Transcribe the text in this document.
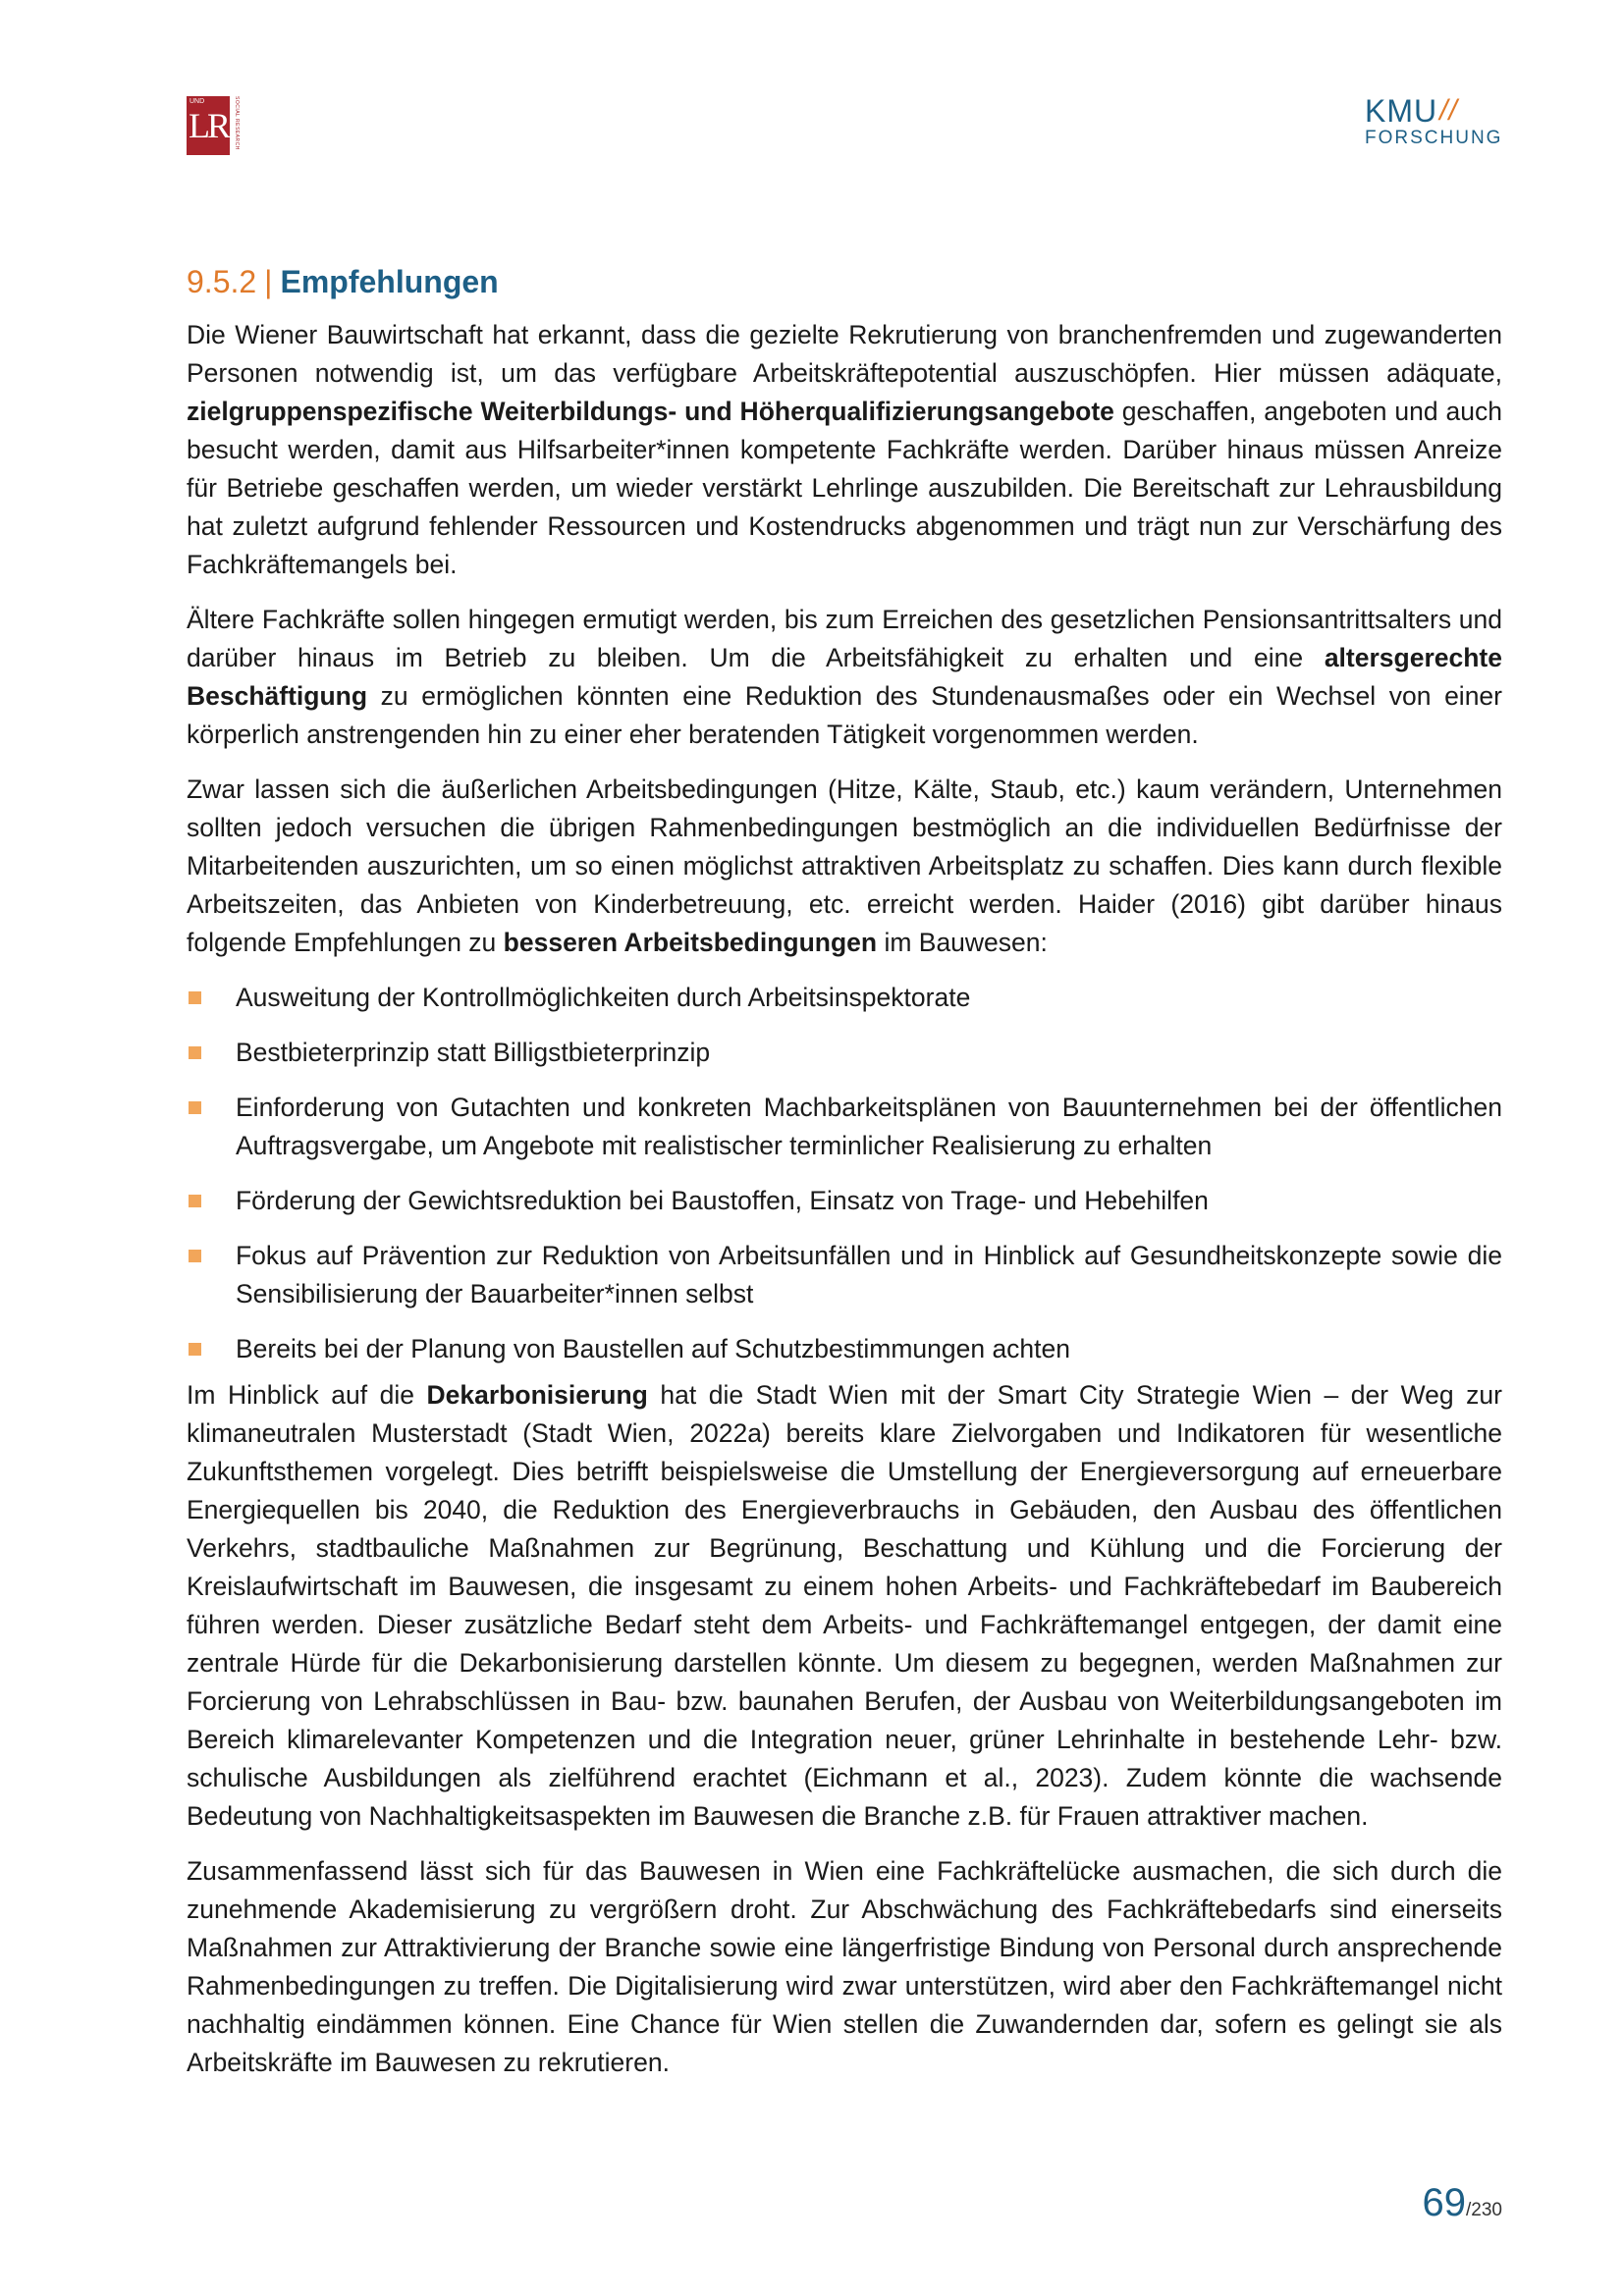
UND
LR	SOCIAL RESEARCH	KMU //
FORSCHUNG
9.5.2 | Empfehlungen

Die Wiener Bauwirtschaft hat erkannt, dass die gezielte Rekrutierung von branchenfremden und zugewanderten Personen notwendig ist, um das verfügbare Arbeitskräftepotential auszuschöpfen. Hier müssen adäquate, zielgruppenspezifische Weiterbildungs- und Höherqualifizierungsangebote geschaffen, angeboten und auch besucht werden, damit aus Hilfsarbeiter*innen kompetente Fachkräfte werden. Darüber hinaus müssen Anreize für Betriebe geschaffen werden, um wieder verstärkt Lehrlinge auszubilden. Die Bereitschaft zur Lehrausbildung hat zuletzt aufgrund fehlender Ressourcen und Kostendrucks abgenommen und trägt nun zur Verschärfung des Fachkräftemangels bei.

Ältere Fachkräfte sollen hingegen ermutigt werden, bis zum Erreichen des gesetzlichen Pensionsantrittsalters und darüber hinaus im Betrieb zu bleiben. Um die Arbeitsfähigkeit zu erhalten und eine altersgerechte Beschäftigung zu ermöglichen könnten eine Reduktion des Stundenausmaßes oder ein Wechsel von einer körperlich anstrengenden hin zu einer eher beratenden Tätigkeit vorgenommen werden.

Zwar lassen sich die äußerlichen Arbeitsbedingungen (Hitze, Kälte, Staub, etc.) kaum verändern, Unternehmen sollten jedoch versuchen die übrigen Rahmenbedingungen bestmöglich an die individuellen Bedürfnisse der Mitarbeitenden auszurichten, um so einen möglichst attraktiven Arbeitsplatz zu schaffen. Dies kann durch flexible Arbeitszeiten, das Anbieten von Kinderbetreuung, etc. erreicht werden. Haider (2016) gibt darüber hinaus folgende Empfehlungen zu besseren Arbeitsbedingungen im Bauwesen:

Ausweitung der Kontrollmöglichkeiten durch Arbeitsinspektorate
Bestbieterprinzip statt Billigstbieterprinzip
Einforderung von Gutachten und konkreten Machbarkeitsplänen von Bauunternehmen bei der öffentlichen Auftragsvergabe, um Angebote mit realistischer terminlicher Realisierung zu erhalten
Förderung der Gewichtsreduktion bei Baustoffen, Einsatz von Trage- und Hebehilfen
Fokus auf Prävention zur Reduktion von Arbeitsunfällen und in Hinblick auf Gesundheitskonzepte sowie die Sensibilisierung der Bauarbeiter*innen selbst
Bereits bei der Planung von Baustellen auf Schutzbestimmungen achten

Im Hinblick auf die Dekarbonisierung hat die Stadt Wien mit der Smart City Strategie Wien – der Weg zur klimaneutralen Musterstadt (Stadt Wien, 2022a) bereits klare Zielvorgaben und Indikatoren für wesentliche Zukunftsthemen vorgelegt. Dies betrifft beispielsweise die Umstellung der Energieversorgung auf erneuerbare Energiequellen bis 2040, die Reduktion des Energieverbrauchs in Gebäuden, den Ausbau des öffentlichen Verkehrs, stadtbauliche Maßnahmen zur Begrünung, Beschattung und Kühlung und die Forcierung der Kreislaufwirtschaft im Bauwesen, die insgesamt zu einem hohen Arbeits- und Fachkräftebedarf im Baubereich führen werden. Dieser zusätzliche Bedarf steht dem Arbeits- und Fachkräftemangel entgegen, der damit eine zentrale Hürde für die Dekarbonisierung darstellen könnte. Um diesem zu begegnen, werden Maßnahmen zur Forcierung von Lehrabschlüssen in Bau- bzw. baunahen Berufen, der Ausbau von Weiterbildungsangeboten im Bereich klimarelevanter Kompetenzen und die Integration neuer, grüner Lehrinhalte in bestehende Lehr- bzw. schulische Ausbildungen als zielführend erachtet (Eichmann et al., 2023). Zudem könnte die wachsende Bedeutung von Nachhaltigkeitsaspekten im Bauwesen die Branche z.B. für Frauen attraktiver machen.

Zusammenfassend lässt sich für das Bauwesen in Wien eine Fachkräftelücke ausmachen, die sich durch die zunehmende Akademisierung zu vergrößern droht. Zur Abschwächung des Fachkräftebedarfs sind einerseits Maßnahmen zur Attraktivierung der Branche sowie eine längerfristige Bindung von Personal durch ansprechende Rahmenbedingungen zu treffen. Die Digitalisierung wird zwar unterstützen, wird aber den Fachkräftemangel nicht nachhaltig eindämmen können. Eine Chance für Wien stellen die Zuwandernden dar, sofern es gelingt sie als Arbeitskräfte im Bauwesen zu rekrutieren.

69/230
